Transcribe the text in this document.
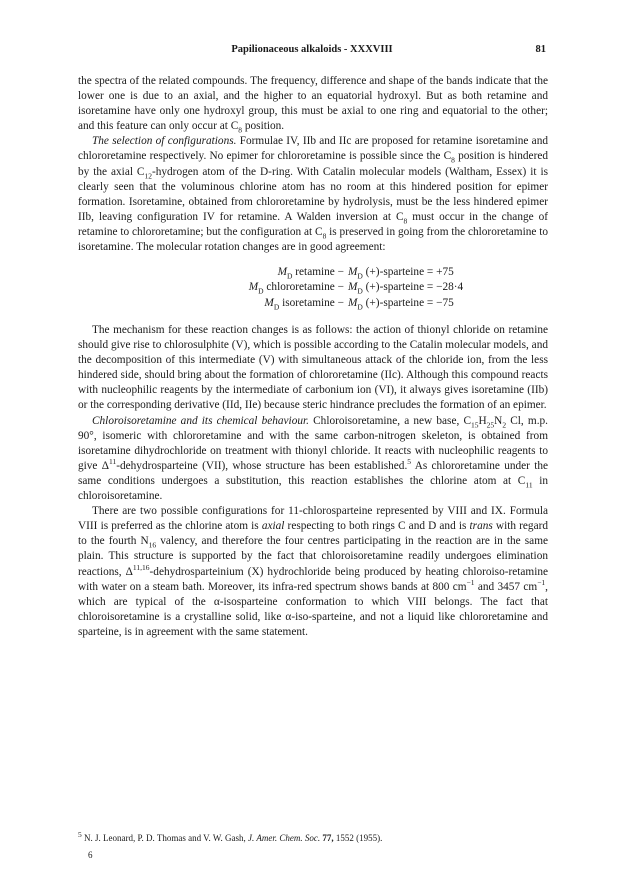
Papilionaceous alkaloids - XXXVIII	81

the spectra of the related compounds. The frequency, difference and shape of the bands indicate that the lower one is due to an axial, and the higher to an equatorial hydroxyl. But as both retamine and isoretamine have only one hydroxyl group, this must be axial to one ring and equatorial to the other; and this feature can only occur at $C_8$ position.

The selection of configurations. Formulae IV, IIb and IIc are proposed for retamine isoretamine and chlororetamine respectively. No epimer for chlororetamine is possible since the $C_8$ position is hindered by the axial $C_{12}$-hydrogen atom of the D-ring. With Catalin molecular models (Waltham, Essex) it is clearly seen that the voluminous chlorine atom has no room at this hindered position for epimer formation. Isoretamine, obtained from chlororetamine by hydrolysis, must be the less hindered epimer IIb, leaving configuration IV for retamine. A Walden inversion at $C_8$ must occur in the change of retamine to chlororetamine; but the configuration at $C_8$ is preserved in going from the chlororetamine to isoretamine. The molecular rotation changes are in good agreement:

$M_D$ retamine − $M_D$ (+)-sparteine = +75
$M_D$ chlororetamine − $M_D$ (+)-sparteine = −28·4
$M_D$ isoretamine − $M_D$ (+)-sparteine = −75

The mechanism for these reaction changes is as follows: the action of thionyl chloride on retamine should give rise to chlorosulphite (V), which is possible according to the Catalin molecular models, and the decomposition of this intermediate (V) with simultaneous attack of the chloride ion, from the less hindered side, should bring about the formation of chlororetamine (IIc). Although this compound reacts with nucleophilic reagents by the intermediate of carbonium ion (VI), it always gives isoretamine (IIb) or the corresponding derivative (IId, IIe) because steric hindrance precludes the formation of an epimer.

Chloroisoretamine and its chemical behaviour. Chloroisoretamine, a new base, $C_{15}H_{25}N_2$ Cl, m.p. 90°, isomeric with chlororetamine and with the same carbon-nitrogen skeleton, is obtained from isoretamine dihydrochloride on treatment with thionyl chloride. It reacts with nucleophilic reagents to give $\Delta^{11}$-dehydrosparteine (VII), whose structure has been established.$^5$ As chlororetamine under the same conditions undergoes a substitution, this reaction establishes the chlorine atom at $C_{11}$ in chloroisoretamine.

There are two possible configurations for 11-chlorosparteine represented by VIII and IX. Formula VIII is preferred as the chlorine atom is axial respecting to both rings C and D and is trans with regard to the fourth $N_{16}$ valency, and therefore the four centres participating in the reaction are in the same plain. This structure is supported by the fact that chloroisoretamine readily undergoes elimination reactions, Δ$^{11,16}$-dehydrosparteinium (X) hydrochloride being produced by heating chloroiso-retamine with water on a steam bath. Moreover, its infra-red spectrum shows bands at 800 $cm^{-1}$ and 3457 $cm^{-1}$, which are typical of the α-isosparteine conformation to which VIII belongs. The fact that chloroisoretamine is a crystalline solid, like α-iso-sparteine, and not a liquid like chlororetamine and sparteine, is in agreement with the same statement.

$^5$ N. J. Leonard, P. D. Thomas and V. W. Gash, J. Amer. Chem. Soc. 77, 1552 (1955).
6
